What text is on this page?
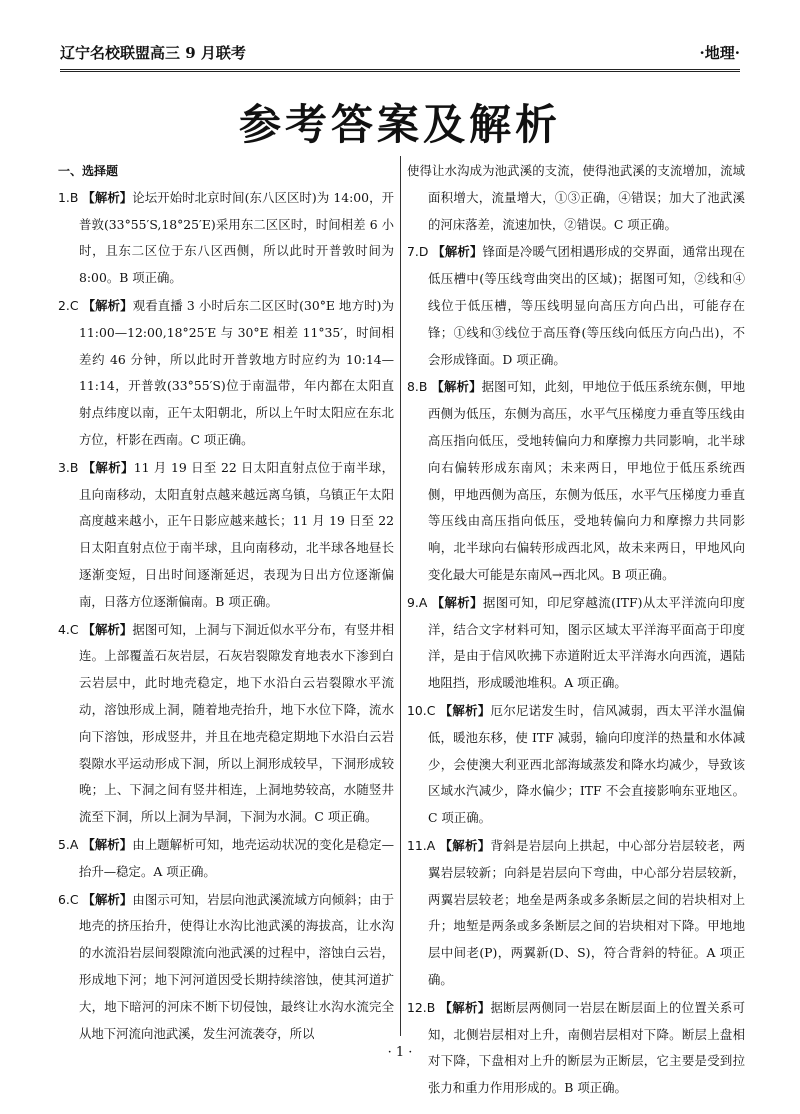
辽宁名校联盟高三 9 月联考	·地理·
参考答案及解析
一、选择题

1.B 【解析】论坛开始时北京时间(东八区区时)为 14:00，开普敦(33°55′S,18°25′E)采用东二区区时，时间相差 6 小时，且东二区位于东八区西侧，所以此时开普敦时间为 8:00。B 项正确。

2.C 【解析】观看直播 3 小时后东二区区时(30°E 地方时)为 11:00—12:00,18°25′E 与 30°E 相差 11°35′，时间相差约 46 分钟，所以此时开普敦地方时应约为 10:14—11:14，开普敦(33°55′S)位于南温带，年内都在太阳直射点纬度以南，正午太阳朝北，所以上午时太阳应在东北方位，杆影在西南。C 项正确。

3.B 【解析】11 月 19 日至 22 日太阳直射点位于南半球，且向南移动，太阳直射点越来越远离乌镇，乌镇正午太阳高度越来越小，正午日影应越来越长；11 月 19 日至 22 日太阳直射点位于南半球，且向南移动，北半球各地昼长逐渐变短，日出时间逐渐延迟，表现为日出方位逐渐偏南，日落方位逐渐偏南。B 项正确。

4.C 【解析】据图可知，上洞与下洞近似水平分布，有竖井相连。上部覆盖石灰岩层，石灰岩裂隙发育地表水下渗到白云岩层中，此时地壳稳定，地下水沿白云岩裂隙水平流动，溶蚀形成上洞，随着地壳抬升，地下水位下降，流水向下溶蚀，形成竖井，并且在地壳稳定期地下水沿白云岩裂隙水平运动形成下洞，所以上洞形成较早，下洞形成较晚；上、下洞之间有竖井相连，上洞地势较高，水随竖井流至下洞，所以上洞为旱洞，下洞为水洞。C 项正确。

5.A 【解析】由上题解析可知，地壳运动状况的变化是稳定—抬升—稳定。A 项正确。

6.C 【解析】由图示可知，岩层向池武溪流域方向倾斜；由于地壳的挤压抬升，使得让水沟比池武溪的海拔高，让水沟的水流沿岩层间裂隙流向池武溪的过程中，溶蚀白云岩，形成地下河；地下河河道因受长期持续溶蚀，使其河道扩大，地下暗河的河床不断下切侵蚀，最终让水沟水流完全从地下河流向池武溪，发生河流袭夺，所以

使得让水沟成为池武溪的支流，使得池武溪的支流增加，流域面积增大，流量增大，①③正确，④错误；加大了池武溪的河床落差，流速加快，②错误。C 项正确。

7.D 【解析】锋面是冷暖气团相遇形成的交界面，通常出现在低压槽中(等压线弯曲突出的区域)；据图可知，②线和④线位于低压槽，等压线明显向高压方向凸出，可能存在锋；①线和③线位于高压脊(等压线向低压方向凸出)，不会形成锋面。D 项正确。

8.B 【解析】据图可知，此刻，甲地位于低压系统东侧，甲地西侧为低压，东侧为高压，水平气压梯度力垂直等压线由高压指向低压，受地转偏向力和摩擦力共同影响，北半球向右偏转形成东南风；未来两日，甲地位于低压系统西侧，甲地西侧为高压，东侧为低压，水平气压梯度力垂直等压线由高压指向低压，受地转偏向力和摩擦力共同影响，北半球向右偏转形成西北风，故未来两日，甲地风向变化最大可能是东南风→西北风。B 项正确。

9.A 【解析】据图可知，印尼穿越流(ITF)从太平洋流向印度洋，结合文字材料可知，图示区域太平洋海平面高于印度洋，是由于信风吹拂下赤道附近太平洋海水向西流，遇陆地阻挡，形成暖池堆积。A 项正确。

10.C 【解析】厄尔尼诺发生时，信风减弱，西太平洋水温偏低，暖池东移，使 ITF 减弱，输向印度洋的热量和水体减少，会使澳大利亚西北部海域蒸发和降水均减少，导致该区域水汽减少，降水偏少；ITF 不会直接影响东亚地区。C 项正确。

11.A 【解析】背斜是岩层向上拱起，中心部分岩层较老，两翼岩层较新；向斜是岩层向下弯曲，中心部分岩层较新，两翼岩层较老；地垒是两条或多条断层之间的岩块相对上升；地堑是两条或多条断层之间的岩块相对下降。甲地地层中间老(P)，两翼新(D、S)，符合背斜的特征。A 项正确。

12.B 【解析】据断层两侧同一岩层在断层面上的位置关系可知，北侧岩层相对上升，南侧岩层相对下降。断层上盘相对下降，下盘相对上升的断层为正断层，它主要是受到拉张力和重力作用形成的。B 项正确。

· 1 ·
